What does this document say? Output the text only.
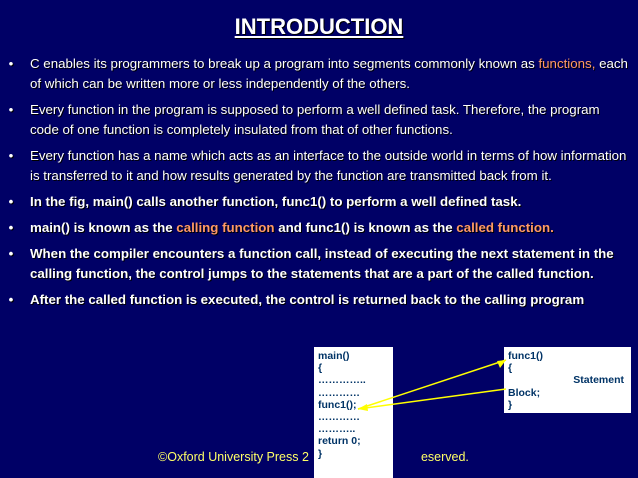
INTRODUCTION
• C enables its programmers to break up a program into segments commonly known as functions, each of which can be written more or less independently of the others.
• Every function in the program is supposed to perform a well defined task. Therefore, the program code of one function is completely insulated from that of other functions.
• Every function has a name which acts as an interface to the outside world in terms of how information is transferred to it and how results generated by the function are transmitted back from it.
• In the fig, main() calls another function, func1() to perform a well defined task.
• main() is known as the calling function and func1() is known as the called function.
• When the compiler encounters a function call, instead of executing the next statement in the calling function, the control jumps to the statements that are a part of the called function.
• After the called function is executed, the control is returned back to the calling program
main()
{
…………..
…………
func1();
…………
………..
return 0;
}
func1()
{
Statement
Block;
}
©Oxford University Press 2	eserved.
